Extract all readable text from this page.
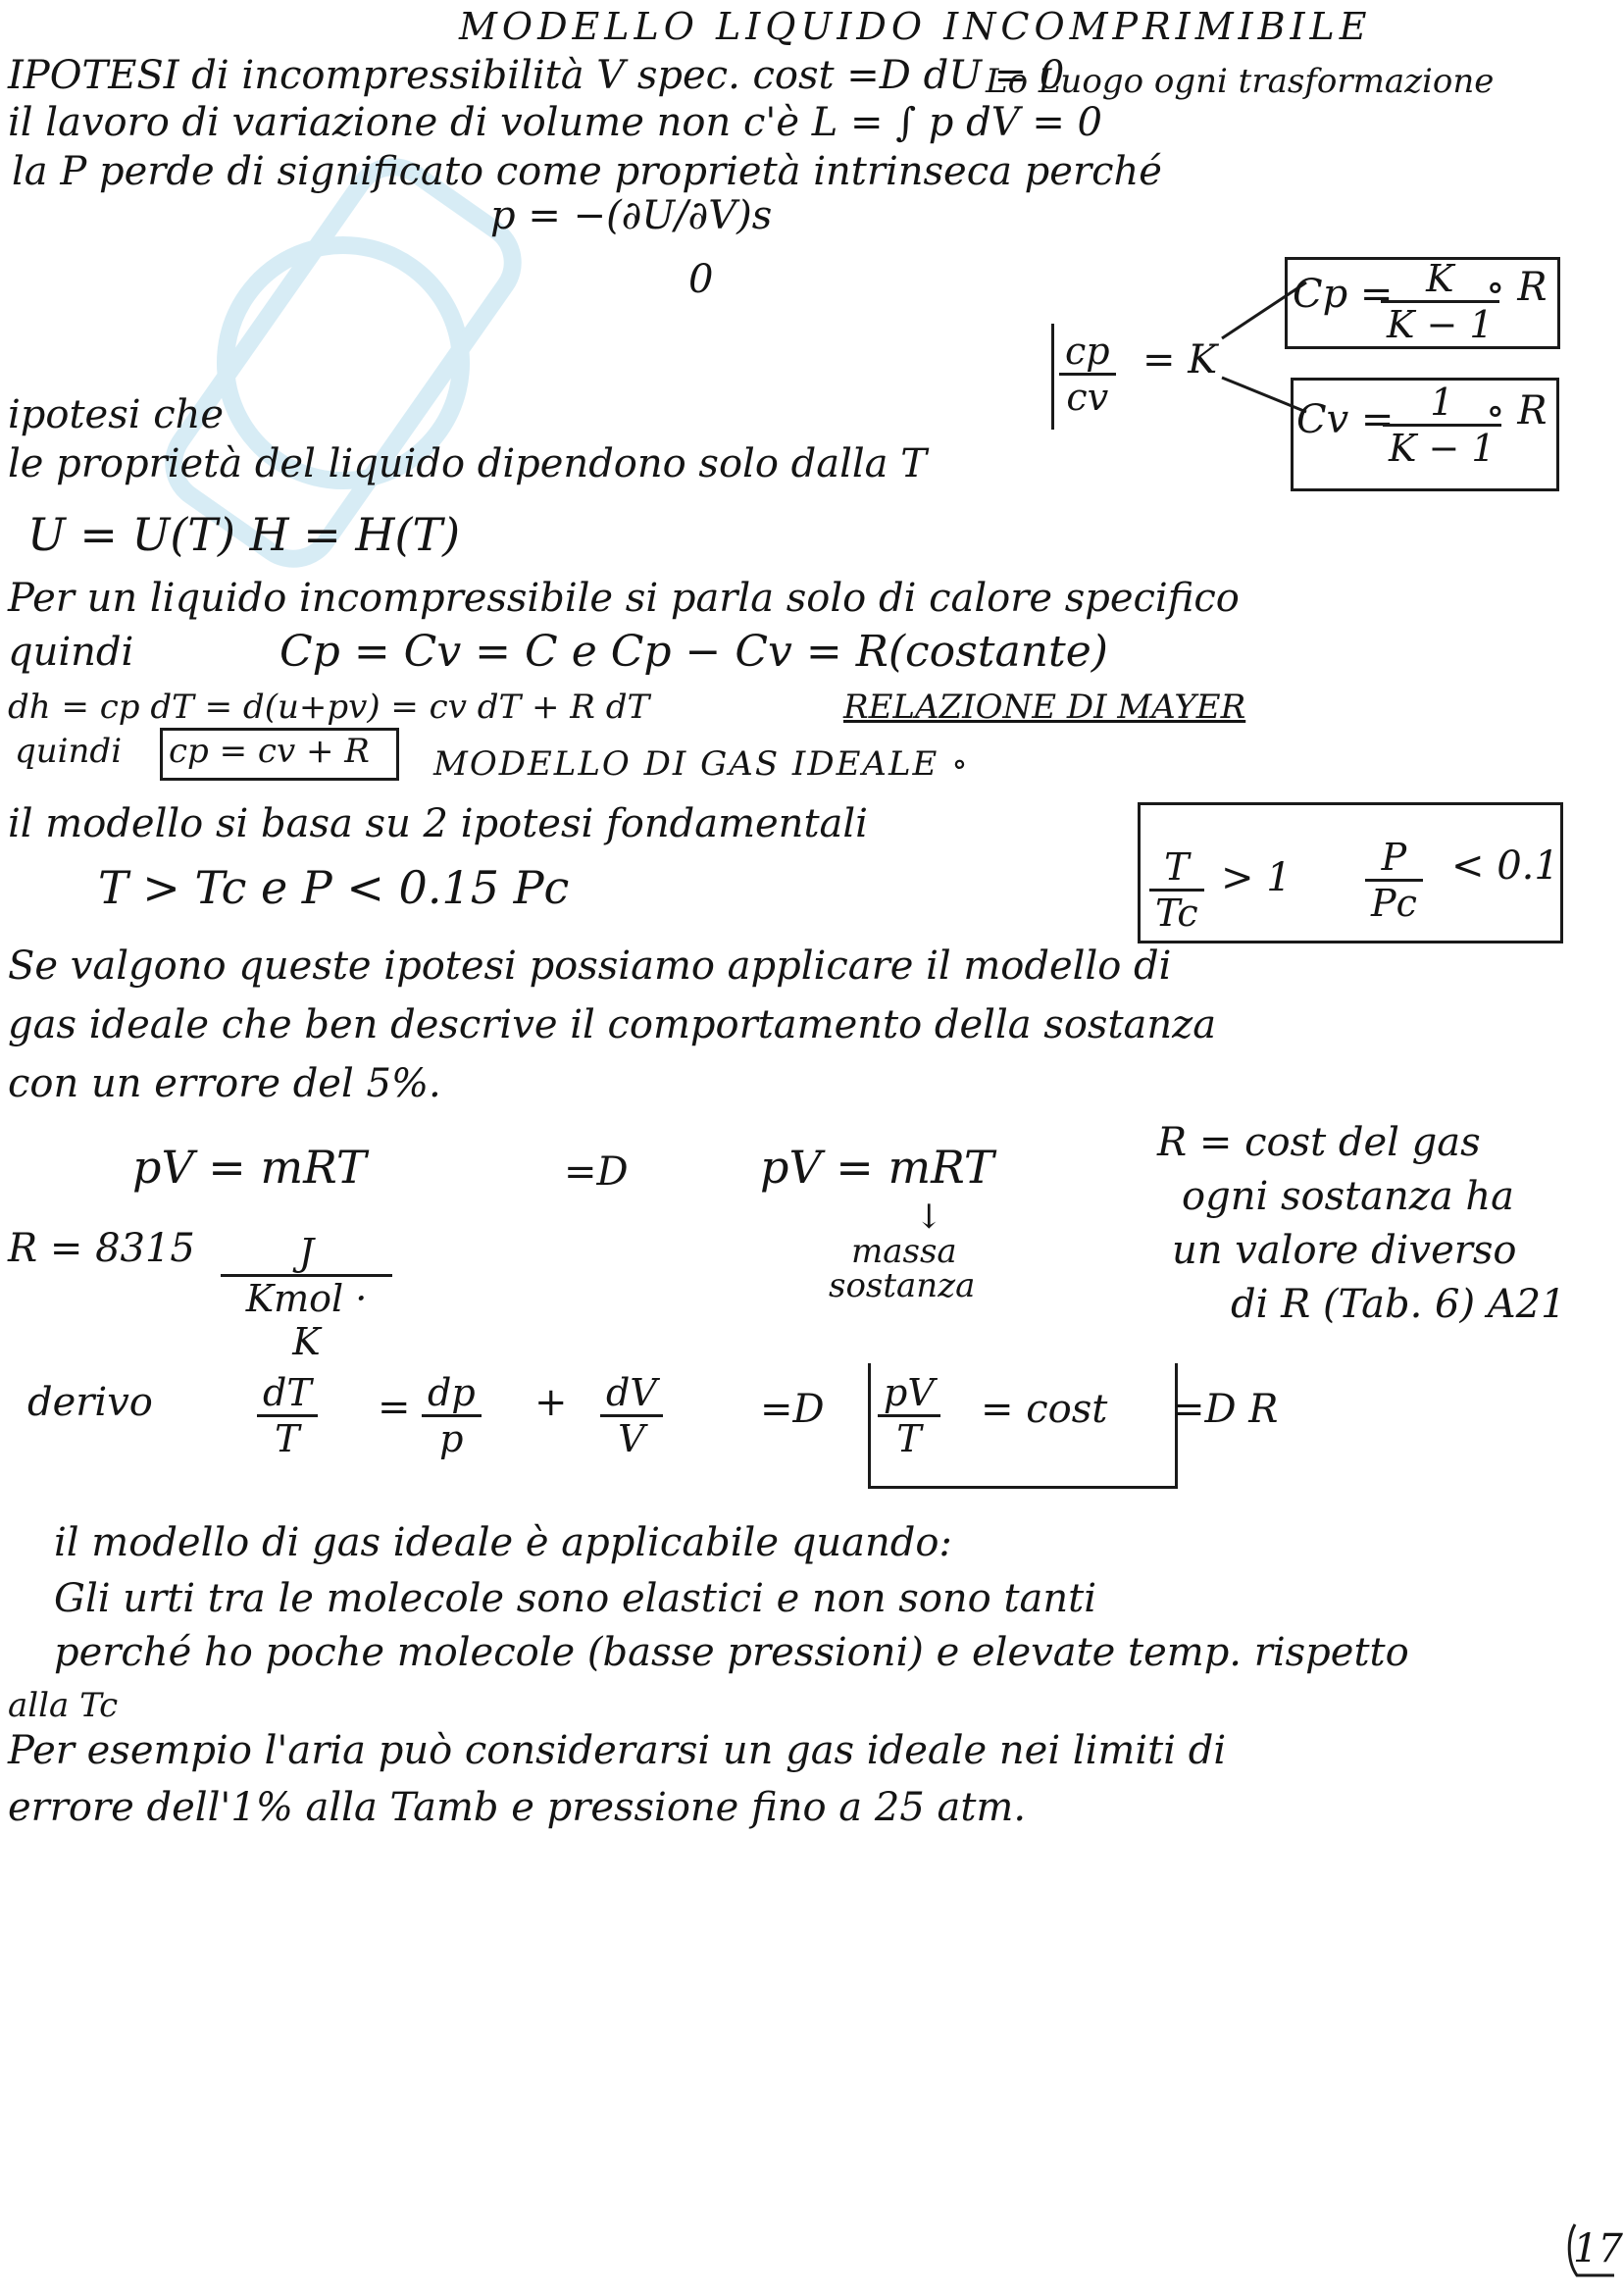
MODELLO LIQUIDO INCOMPRIMIBILE
IPOTESI di incompressibilità V spec. cost =D dU = 0
Lo Luogo ogni trasformazione
il lavoro di variazione di volume non c'è L = ∫ p dV = 0
la P perde di significato come proprietà intrinseca perché
p = −(∂U/∂V)s
0
$\frac{cp}{cv} = K$
Cp =
$\frac{K}{K - 1}$
∘ R
Cv =
$\frac{1}{K - 1}$
∘ R
ipotesi che
le proprietà del liquido dipendono solo dalla T
U = U(T) H = H(T)
Per un liquido incompressibile si parla solo di calore specifico
quindi	Cp = Cv = C e Cp − Cv = R(costante)
dh = cp dT = d(u+pv) = cv dT + R dT	RELAZIONE DI MAYER
quindi cp = cv + R MODELLO DI GAS IDEALE ∘
il modello si basa su 2 ipotesi fondamentali
T > Tc e P < 0.15 Pc	$\frac{T}{Tc} > 1 \frac{P}{Pc} < 0.1$
Se valgono queste ipotesi possiamo applicare il modello di
gas ideale che ben descrive il comportamento della sostanza
con un errore del 5%.
pV = mRT	=D	pV = mRT
↓
massa
sostanza
R = cost del gas
ogni sostanza ha
un valore diverso
di R (Tab. 6) A21
R = 8315	J
Kmol · K
derivo	$\frac{dT}{T} = \frac{dp}{p} + \frac{dV}{V} =D \frac{pV}{T} = \cos t =D$ R
il modello di gas ideale è applicabile quando:
Gli urti tra le molecole sono elastici e non sono tanti
perché ho poche molecole (basse pressioni) e elevate temp. rispetto
alla Tc
Per esempio l'aria può considerarsi un gas ideale nei limiti di
errore dell'1% alla Tamb e pressione fino a 25 atm.
17
